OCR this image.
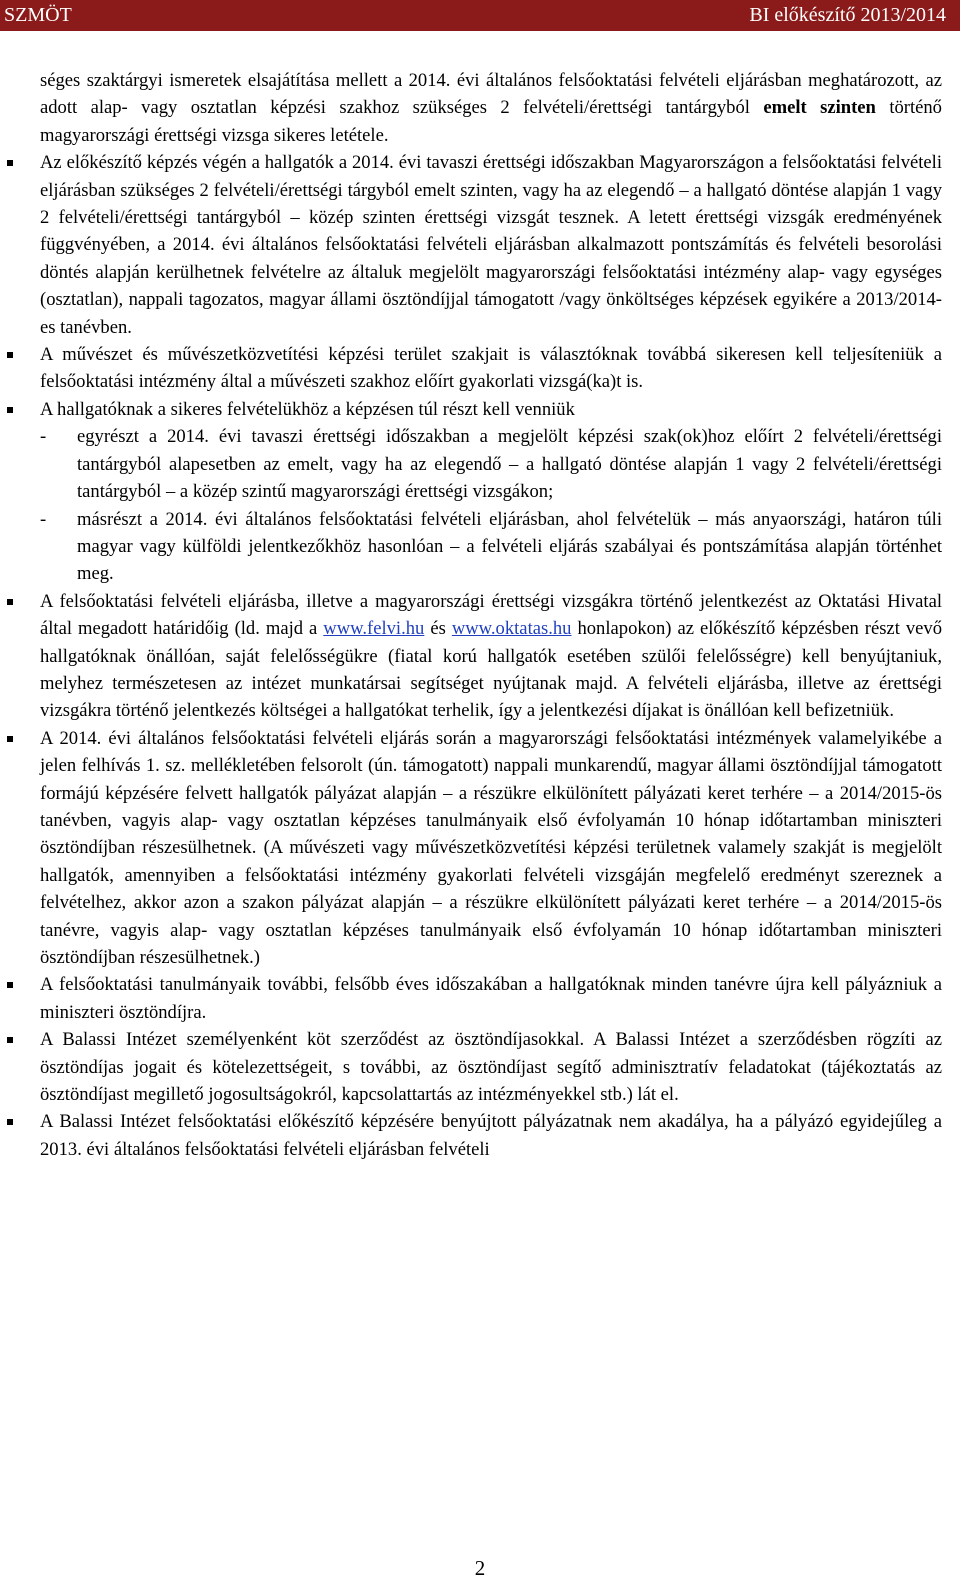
SZMÖT	BI előkészítő 2013/2014

séges szaktárgyi ismeretek elsajátítása mellett a 2014. évi általános felsőoktatási felvételi eljárásban meghatározott, az adott alap- vagy osztatlan képzési szakhoz szükséges 2 felvételi/érettségi tantárgyból emelt szinten történő magyarországi érettségi vizsga sikeres letétele.

Az előkészítő képzés végén a hallgatók a 2014. évi tavaszi érettségi időszakban Magyarországon a felsőoktatási felvételi eljárásban szükséges 2 felvételi/érettségi tárgyból emelt szinten, vagy ha az elegendő – a hallgató döntése alapján 1 vagy 2 felvételi/érettségi tantárgyból – közép szinten érettségi vizsgát tesznek. A letett érettségi vizsgák eredményének függvényében, a 2014. évi általános felsőoktatási felvételi eljárásban alkalmazott pontszámítás és felvételi besorolási döntés alapján kerülhetnek felvételre az általuk megjelölt magyarországi felsőoktatási intézmény alap- vagy egységes (osztatlan), nappali tagozatos, magyar állami ösztöndíjjal támogatott /vagy önköltséges képzések egyikére a 2013/2014-es tanévben.
A művészet és művészetközvetítési képzési terület szakjait is választóknak továbbá sikeresen kell teljesíteniük a felsőoktatási intézmény által a művészeti szakhoz előírt gyakorlati vizsgá(ka)t is.
A hallgatóknak a sikeres felvételükhöz a képzésen túl részt kell venniük
- egyrészt a 2014. évi tavaszi érettségi időszakban a megjelölt képzési szak(ok)hoz előírt 2 felvételi/érettségi tantárgyból alapesetben az emelt, vagy ha az elegendő – a hallgató döntése alapján 1 vagy 2 felvételi/érettségi tantárgyból – a közép szintű magyarországi érettségi vizsgákon;
- másrészt a 2014. évi általános felsőoktatási felvételi eljárásban, ahol felvételük – más anyaországi, határon túli magyar vagy külföldi jelentkezőkhöz hasonlóan – a felvételi eljárás szabályai és pontszámítása alapján történhet meg.
A felsőoktatási felvételi eljárásba, illetve a magyarországi érettségi vizsgákra történő jelentkezést az Oktatási Hivatal által megadott határidőig (ld. majd a www.felvi.hu és www.oktatas.hu honlapokon) az előkészítő képzésben részt vevő hallgatóknak önállóan, saját felelősségükre (fiatal korú hallgatók esetében szülői felelősségre) kell benyújtaniuk, melyhez természetesen az intézet munkatársai segítséget nyújtanak majd. A felvételi eljárásba, illetve az érettségi vizsgákra történő jelentkezés költségei a hallgatókat terhelik, így a jelentkezési díjakat is önállóan kell befizetniük.
A 2014. évi általános felsőoktatási felvételi eljárás során a magyarországi felsőoktatási intézmények valamelyikébe a jelen felhívás 1. sz. mellékletében felsorolt (ún. támogatott) nappali munkarendű, magyar állami ösztöndíjjal támogatott formájú képzésére felvett hallgatók pályázat alapján – a részükre elkülönített pályázati keret terhére – a 2014/2015-ös tanévben, vagyis alap- vagy osztatlan képzéses tanulmányaik első évfolyamán 10 hónap időtartamban miniszteri ösztöndíjban részesülhetnek. (A művészeti vagy művészetközvetítési képzési területnek valamely szakját is megjelölt hallgatók, amennyiben a felsőoktatási intézmény gyakorlati felvételi vizsgáján megfelelő eredményt szereznek a felvételhez, akkor azon a szakon pályázat alapján – a részükre elkülönített pályázati keret terhére – a 2014/2015-ös tanévre, vagyis alap- vagy osztatlan képzéses tanulmányaik első évfolyamán 10 hónap időtartamban miniszteri ösztöndíjban részesülhetnek.)
A felsőoktatási tanulmányaik további, felsőbb éves időszakában a hallgatóknak minden tanévre újra kell pályázniuk a miniszteri ösztöndíjra.
A Balassi Intézet személyenként köt szerződést az ösztöndíjasokkal. A Balassi Intézet a szerződésben rögzíti az ösztöndíjas jogait és kötelezettségeit, s további, az ösztöndíjast segítő adminisztratív feladatokat (tájékoztatás az ösztöndíjast megillető jogosultságokról, kapcsolattartás az intézményekkel stb.) lát el.
A Balassi Intézet felsőoktatási előkészítő képzésére benyújtott pályázatnak nem akadálya, ha a pályázó egyidejűleg a 2013. évi általános felsőoktatási felvételi eljárásban felvételi
2
